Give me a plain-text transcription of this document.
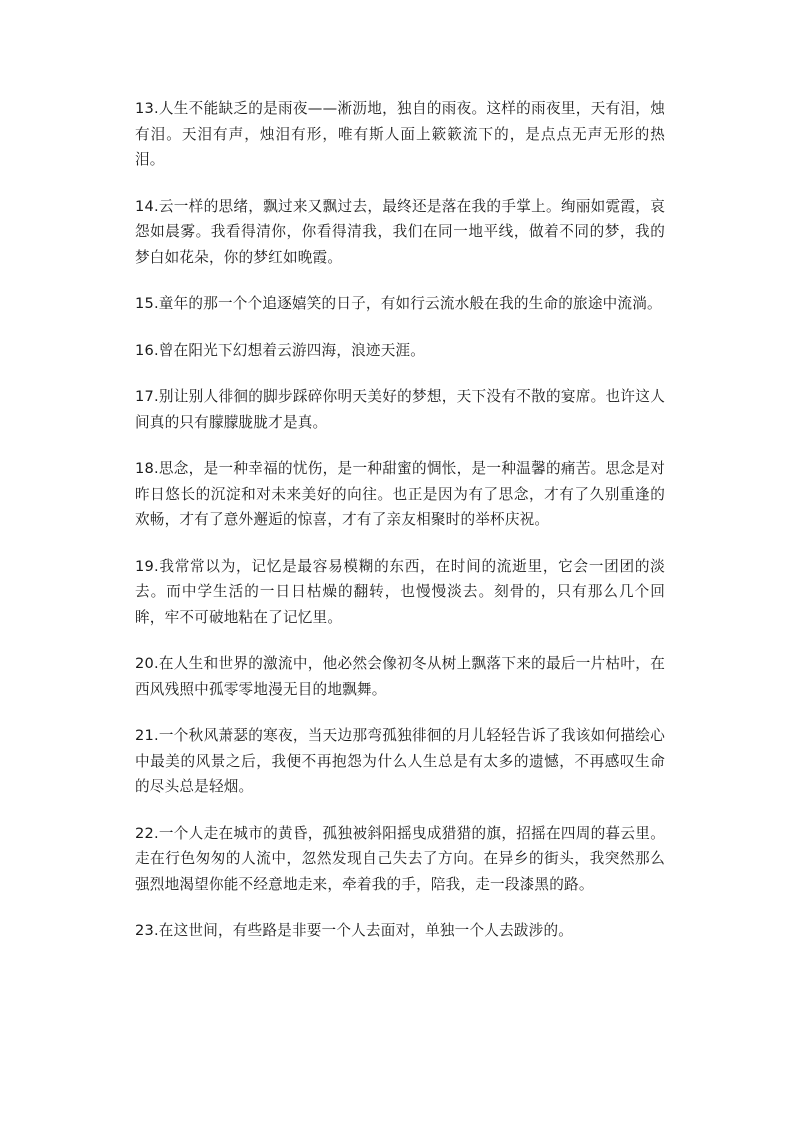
13.人生不能缺乏的是雨夜——淅沥地，独自的雨夜。这样的雨夜里，天有泪，烛有泪。天泪有声，烛泪有形，唯有斯人面上簌簌流下的，是点点无声无形的热泪。

14.云一样的思绪，飘过来又飘过去，最终还是落在我的手掌上。绚丽如霓霞，哀怨如晨雾。我看得清你，你看得清我，我们在同一地平线，做着不同的梦，我的梦白如花朵，你的梦红如晚霞。

15.童年的那一个个追逐嬉笑的日子，有如行云流水般在我的生命的旅途中流淌。

16.曾在阳光下幻想着云游四海，浪迹天涯。

17.别让别人徘徊的脚步踩碎你明天美好的梦想，天下没有不散的宴席。也许这人间真的只有朦朦胧胧才是真。

18.思念，是一种幸福的忧伤，是一种甜蜜的惆怅，是一种温馨的痛苦。思念是对昨日悠长的沉淀和对未来美好的向往。也正是因为有了思念，才有了久别重逢的欢畅，才有了意外邂逅的惊喜，才有了亲友相聚时的举杯庆祝。

19.我常常以为，记忆是最容易模糊的东西，在时间的流逝里，它会一团团的淡去。而中学生活的一日日枯燥的翻转，也慢慢淡去。刻骨的，只有那么几个回眸，牢不可破地粘在了记忆里。

20.在人生和世界的激流中，他必然会像初冬从树上飘落下来的最后一片枯叶，在西风残照中孤零零地漫无目的地飘舞。

21.一个秋风萧瑟的寒夜，当天边那弯孤独徘徊的月儿轻轻告诉了我该如何描绘心中最美的风景之后，我便不再抱怨为什么人生总是有太多的遗憾，不再感叹生命的尽头总是轻烟。

22.一个人走在城市的黄昏，孤独被斜阳摇曳成猎猎的旗，招摇在四周的暮云里。走在行色匆匆的人流中，忽然发现自己失去了方向。在异乡的街头，我突然那么强烈地渴望你能不经意地走来，牵着我的手，陪我，走一段漆黑的路。

23.在这世间，有些路是非要一个人去面对，单独一个人去跋涉的。
